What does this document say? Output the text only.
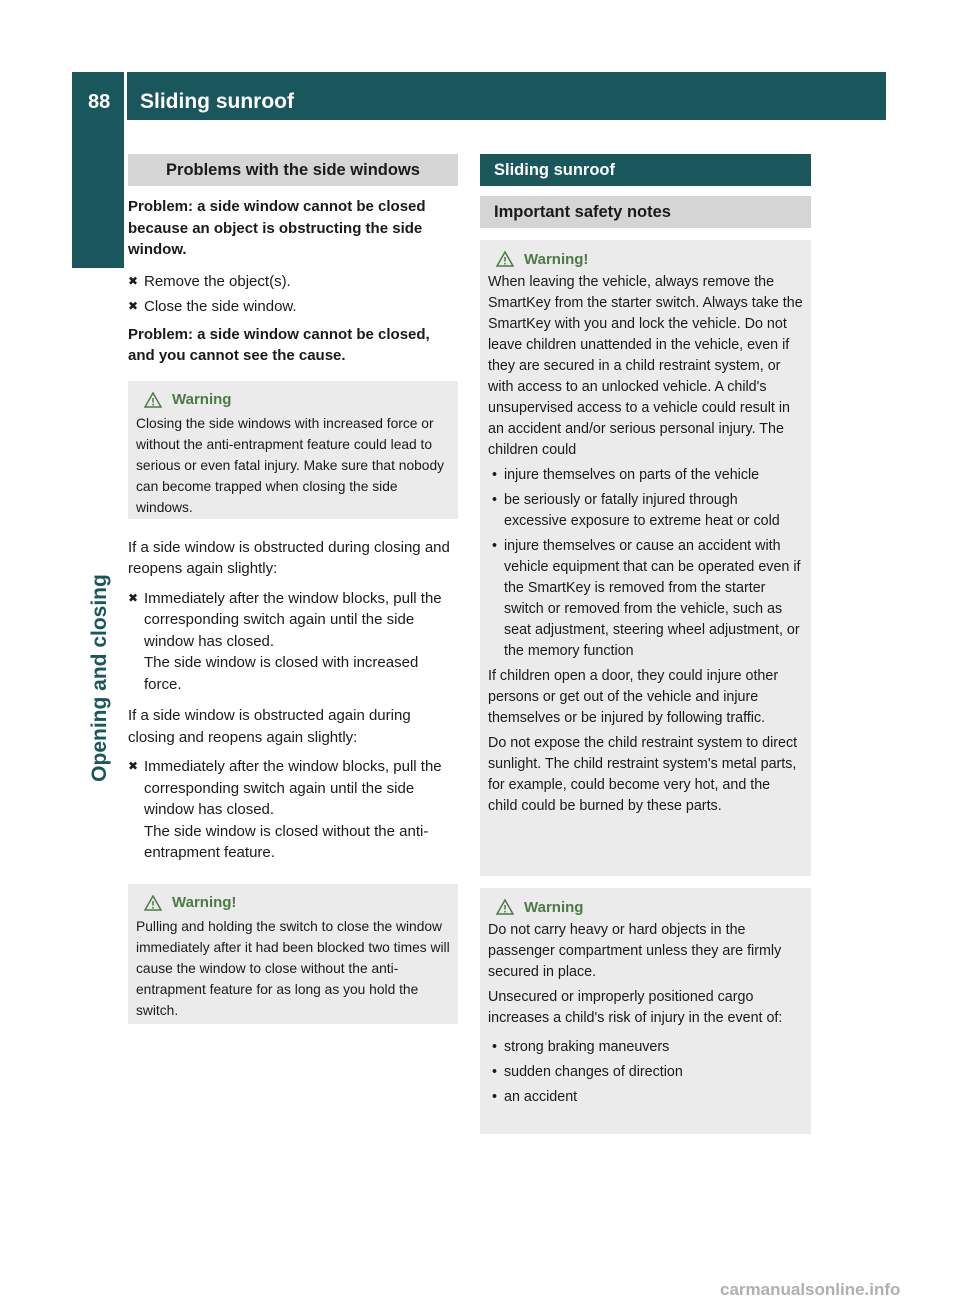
88	Sliding sunroof
Opening and closing
Problems with the side windows

Problem: a side window cannot be closed because an object is obstructing the side window.

✖ Remove the object(s).
✖ Close the side window.

Problem: a side window cannot be closed, and you cannot see the cause.

Warning

Closing the side windows with increased force or without the anti-entrapment feature could lead to serious or even fatal injury. Make sure that nobody can become trapped when closing the side windows.

If a side window is obstructed during closing and reopens again slightly:

✖ Immediately after the window blocks, pull the corresponding switch again until the side window has closed.
The side window is closed with increased force.

If a side window is obstructed again during closing and reopens again slightly:

✖ Immediately after the window blocks, pull the corresponding switch again until the side window has closed.
The side window is closed without the anti-entrapment feature.
Warning!

Pulling and holding the switch to close the window immediately after it had been blocked two times will cause the window to close without the anti-entrapment feature for as long as you hold the switch.

Sliding sunroof
Important safety notes
Warning!

When leaving the vehicle, always remove the SmartKey from the starter switch. Always take the SmartKey with you and lock the vehicle. Do not leave children unattended in the vehicle, even if they are secured in a child restraint system, or with access to an unlocked vehicle. A child's unsupervised access to a vehicle could result in an accident and/or serious personal injury. The children could

• injure themselves on parts of the vehicle
• be seriously or fatally injured through excessive exposure to extreme heat or cold
• injure themselves or cause an accident with vehicle equipment that can be operated even if the SmartKey is removed from the starter switch or removed from the vehicle, such as seat adjustment, steering wheel adjustment, or the memory function

If children open a door, they could injure other persons or get out of the vehicle and injure themselves or be injured by following traffic.

Do not expose the child restraint system to direct sunlight. The child restraint system's metal parts, for example, could become very hot, and the child could be burned by these parts.

Warning

Do not carry heavy or hard objects in the passenger compartment unless they are firmly secured in place.

Unsecured or improperly positioned cargo increases a child's risk of injury in the event of:

• strong braking maneuvers
• sudden changes of direction
• an accident
carmanualsonline.info
